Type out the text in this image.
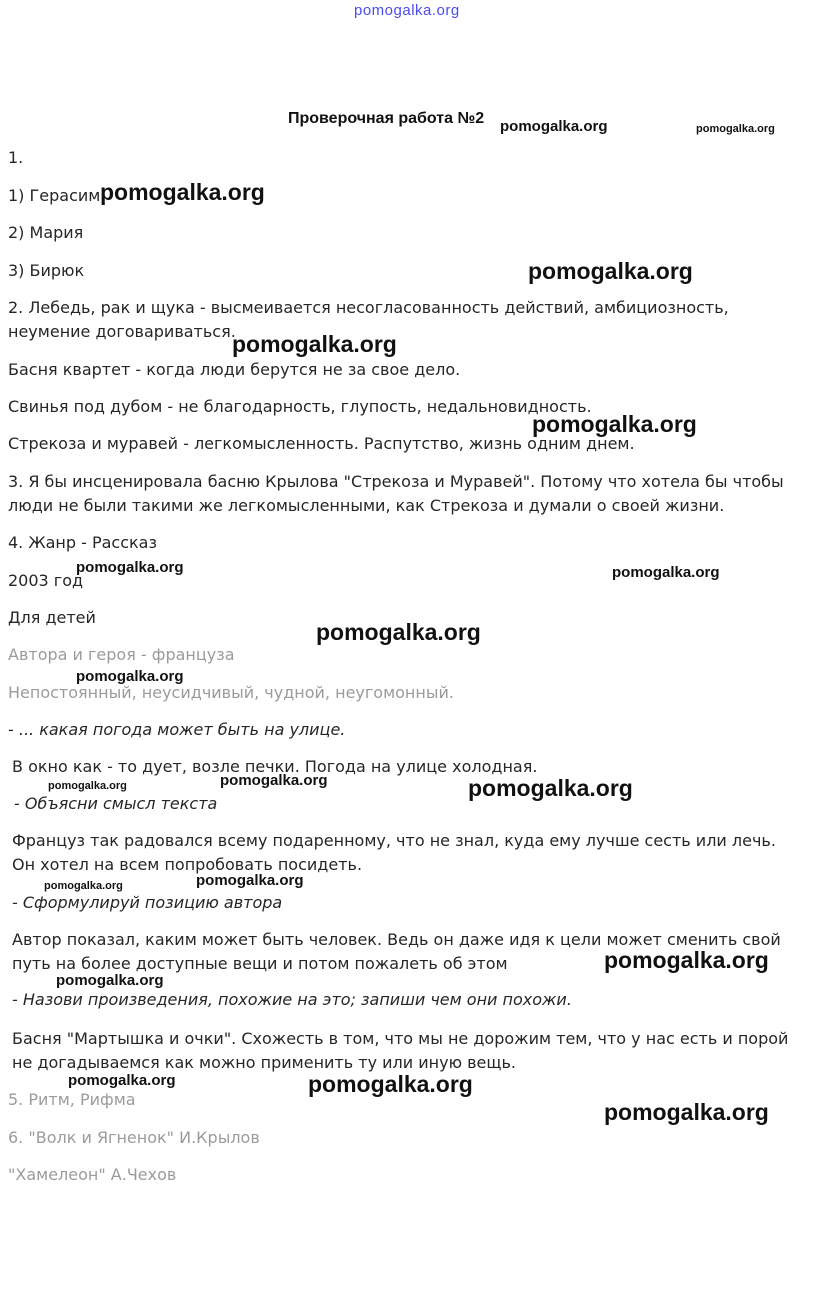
pomogalka.org
Проверочная работа №2
1.
1) Герасим
2) Мария
3) Бирюк
2. Лебедь, рак и щука - высмеивается несогласованность действий, амбициозность,
неумение договариваться.
Басня квартет - когда люди берутся не за свое дело.
Свинья под дубом - не благодарность, глупость, недальновидность.
Стрекоза и муравей - легкомысленность. Распутство, жизнь одним днем.
3. Я бы инсценировала басню Крылова "Стрекоза и Муравей". Потому что хотела бы чтобы
люди не были такими же легкомысленными, как Стрекоза и думали о своей жизни.
4. Жанр - Рассказ
2003 год
Для детей
Автора и героя - француза
Непостоянный, неусидчивый, чудной, неугомонный.
- ... какая погода может быть на улице.
В окно как - то дует, возле печки. Погода на улице холодная.
- Объясни смысл текста
Француз так радовался всему подаренному, что не знал, куда ему лучше сесть или лечь.
Он хотел на всем попробовать посидеть.
- Сформулируй позицию автора
Автор показал, каким может быть человек. Ведь он даже идя к цели может сменить свой
путь на более доступные вещи и потом пожалеть об этом
- Назови произведения, похожие на это; запиши чем они похожи.
Басня "Мартышка и очки". Схожесть в том, что мы не дорожим тем, что у нас есть и порой
не догадываемся как можно применить ту или иную вещь.
5. Ритм, Рифма
6. "Волк и Ягненок" И.Крылов
"Хамелеон" А.Чехов
pomogalka.org	pomogalka.org
pomogalka.org
pomogalka.org
pomogalka.org
pomogalka.org
pomogalka.org	pomogalka.org
pomogalka.org
pomogalka.org
pomogalka.org	pomogalka.org	pomogalka.org
pomogalka.org	pomogalka.org
pomogalka.org
pomogalka.org
pomogalka.org	pomogalka.org
pomogalka.org
